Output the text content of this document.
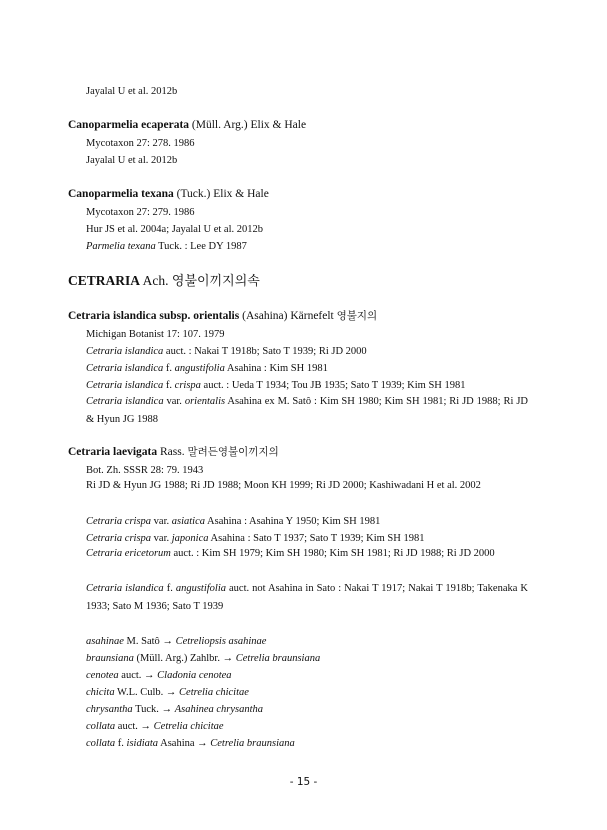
Jayalal U et al. 2012b
Canoparmelia ecaperata (Müll. Arg.) Elix & Hale
Mycotaxon 27: 278. 1986
Jayalal U et al. 2012b
Canoparmelia texana (Tuck.) Elix & Hale
Mycotaxon 27: 279. 1986
Hur JS et al. 2004a; Jayalal U et al. 2012b
Parmelia texana Tuck. : Lee DY 1987
CETRARIA Ach. 영불이끼지의속
Cetraria islandica subsp. orientalis (Asahina) Kärnefelt 영불지의
Michigan Botanist 17: 107. 1979
Cetraria islandica auct. : Nakai T 1918b; Sato T 1939; Ri JD 2000
Cetraria islandica f. angustifolia Asahina : Kim SH 1981
Cetraria islandica f. crispa auct. : Ueda T 1934; Tou JB 1935; Sato T 1939; Kim SH 1981
Cetraria islandica var. orientalis Asahina ex M. Satô : Kim SH 1980; Kim SH 1981; Ri JD 1988; Ri JD & Hyun JG 1988
Cetraria laevigata Rass. 말려든영불이끼지의
Bot. Zh. SSSR 28: 79. 1943
Ri JD & Hyun JG 1988; Ri JD 1988; Moon KH 1999; Ri JD 2000; Kashiwadani H et al. 2002
Cetraria crispa var. asiatica Asahina : Asahina Y 1950; Kim SH 1981
Cetraria crispa var. japonica Asahina : Sato T 1937; Sato T 1939; Kim SH 1981
Cetraria ericetorum auct. : Kim SH 1979; Kim SH 1980; Kim SH 1981; Ri JD 1988; Ri JD 2000
Cetraria islandica f. angustifolia auct. not Asahina in Sato : Nakai T 1917; Nakai T 1918b; Takenaka K 1933; Sato M 1936; Sato T 1939
asahinae M. Satô → Cetreliopsis asahinae
braunsiana (Müll. Arg.) Zahlbr. → Cetrelia braunsiana
cenotea auct. → Cladonia cenotea
chicita W.L. Culb. → Cetrelia chicitae
chrysantha Tuck. → Asahinea chrysantha
collata auct. → Cetrelia chicitae
collata f. isidiata Asahina → Cetrelia braunsiana
- 15 -
